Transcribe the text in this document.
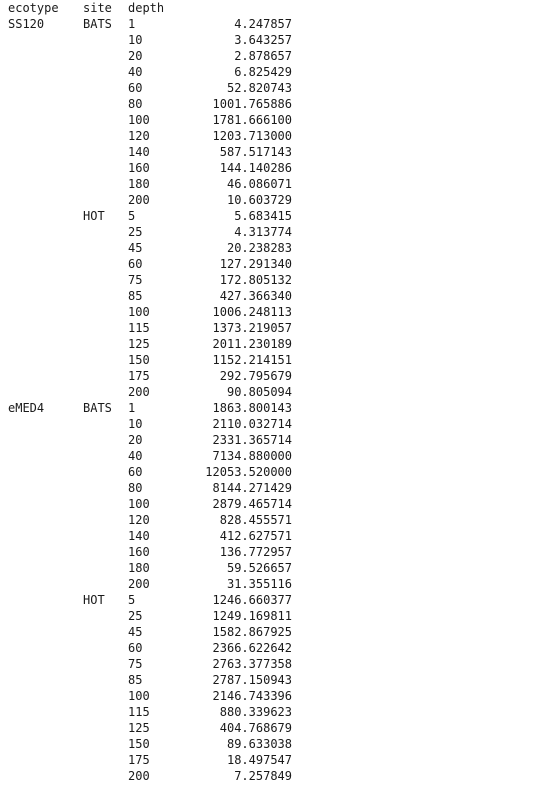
ecotype site depth
SS120	BATS 1	4.247857
10	3.643257
20	2.878657
40	6.825429
60	52.820743
80	1001.765886
100	1781.666100
120	1203.713000
140	587.517143
160	144.140286
180	46.086071
200	10.603729
HOT 5	5.683415
25	4.313774
45	20.238283
60	127.291340
75	172.805132
85	427.366340
100	1006.248113
115	1373.219057
125	2011.230189
150	1152.214151
175	292.795679
200	90.805094
eMED4	BATS 1	1863.800143
10	2110.032714
20	2331.365714
40	7134.880000
60	12053.520000
80	8144.271429
100	2879.465714
120	828.455571
140	412.627571
160	136.772957
180	59.526657
200	31.355116
HOT 5	1246.660377
25	1249.169811
45	1582.867925
60	2366.622642
75	2763.377358
85	2787.150943
100	2146.743396
115	880.339623
125	404.768679
150	89.633038
175	18.497547
200	7.257849
